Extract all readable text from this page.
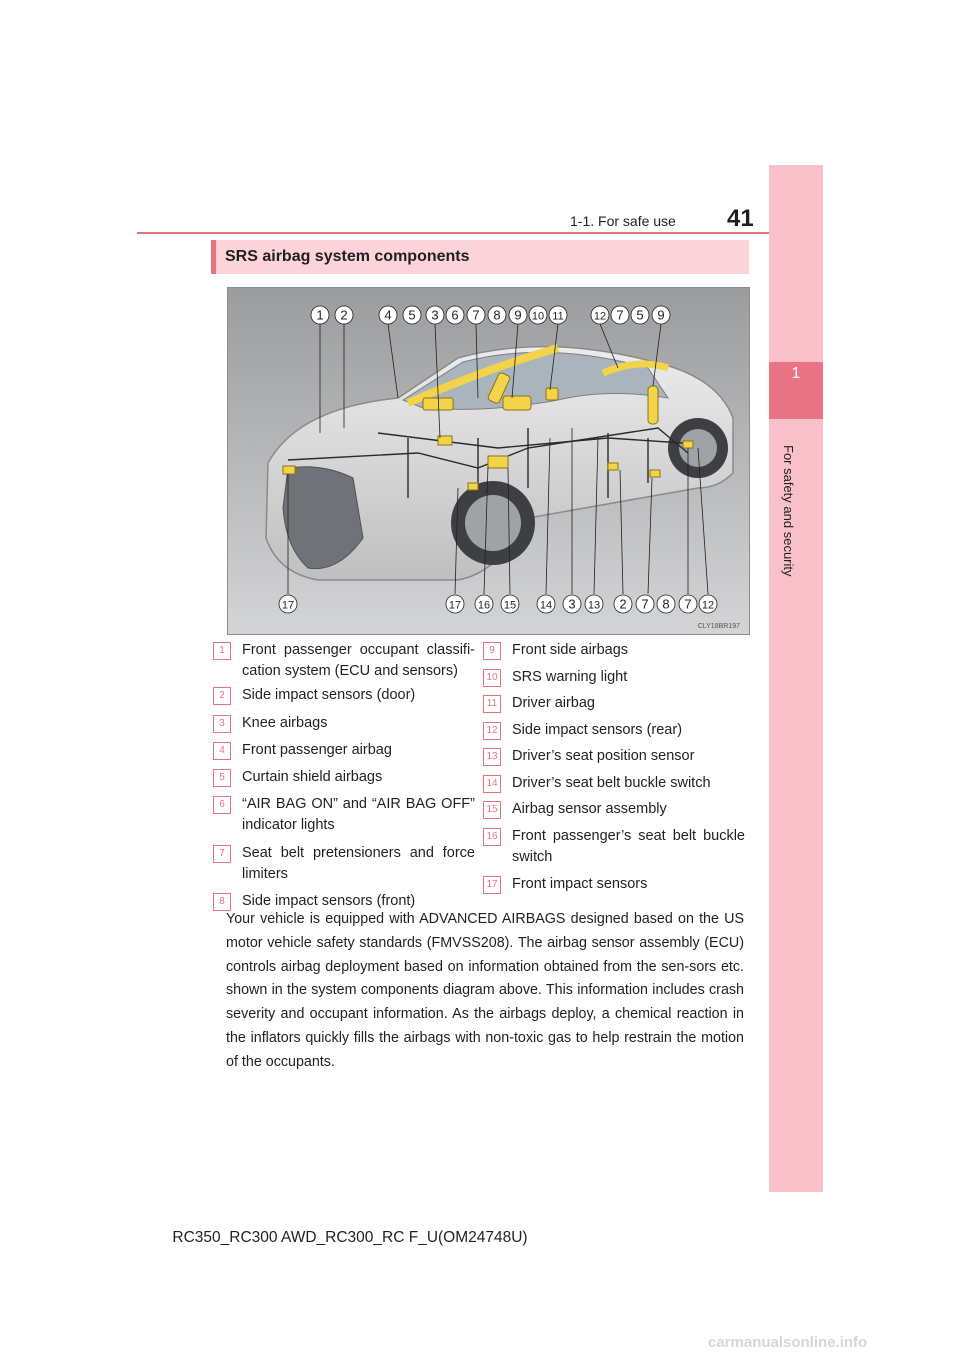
1-1. For safe use 41
1
For safety and security
SRS airbag system components
1 2	4 5 3 6 7 8 9 10 11	12 7 5 9
17	17 16 15 14 3 13 2 7 8 7 12
CLY18BR197
1	Front passenger occupant classifi-cation system (ECU and sensors)
2	Side impact sensors (door)
3	Knee airbags
4	Front passenger airbag
5	Curtain shield airbags
6	“AIR BAG ON” and “AIR BAG OFF” indicator lights
7	Seat belt pretensioners and force limiters
8	Side impact sensors (front)
9	Front side airbags
10 SRS warning light
11 Driver airbag
12 Side impact sensors (rear)
13 Driver’s seat position sensor
14 Driver’s seat belt buckle switch
15 Airbag sensor assembly
16 Front passenger’s seat belt buckle switch
17 Front impact sensors
Your vehicle is equipped with ADVANCED AIRBAGS designed based on the US motor vehicle safety standards (FMVSS208). The airbag sensor assembly (ECU) controls airbag deployment based on information obtained from the sen-sors etc. shown in the system components diagram above. This information includes crash severity and occupant information. As the airbags deploy, a chemical reaction in the inflators quickly fills the airbags with non-toxic gas to help restrain the motion of the occupants.
RC350_RC300 AWD_RC300_RC F_U(OM24748U)
carmanualsonline.info
